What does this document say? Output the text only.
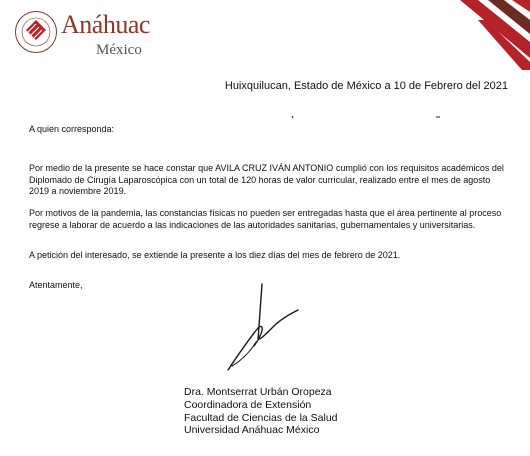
Anáhuac
México
Huixquilucan, Estado de México a 10 de Febrero del 2021
A quien corresponda:
Por medio de la presente se hace constar que AVILA CRUZ IVÁN ANTONIO cumplió con los requisitos académicos del Diplomado de Cirugía Laparoscópica con un total de 120 horas de valor curricular, realizado entre el mes de agosto 2019 a noviembre 2019.
Por motivos de la pandemia, las constancias físicas no pueden ser entregadas hasta que el área pertinente al proceso regrese a laborar de acuerdo a las indicaciones de las autoridades sanitarias, gubernamentales y universitarias.
A petición del interesado, se extiende la presente a los diez días del mes de febrero de 2021.
Atentamente,
Dra. Montserrat Urbán Oropeza
Coordinadora de Extensión
Facultad de Ciencias de la Salud
Universidad Anáhuac México
